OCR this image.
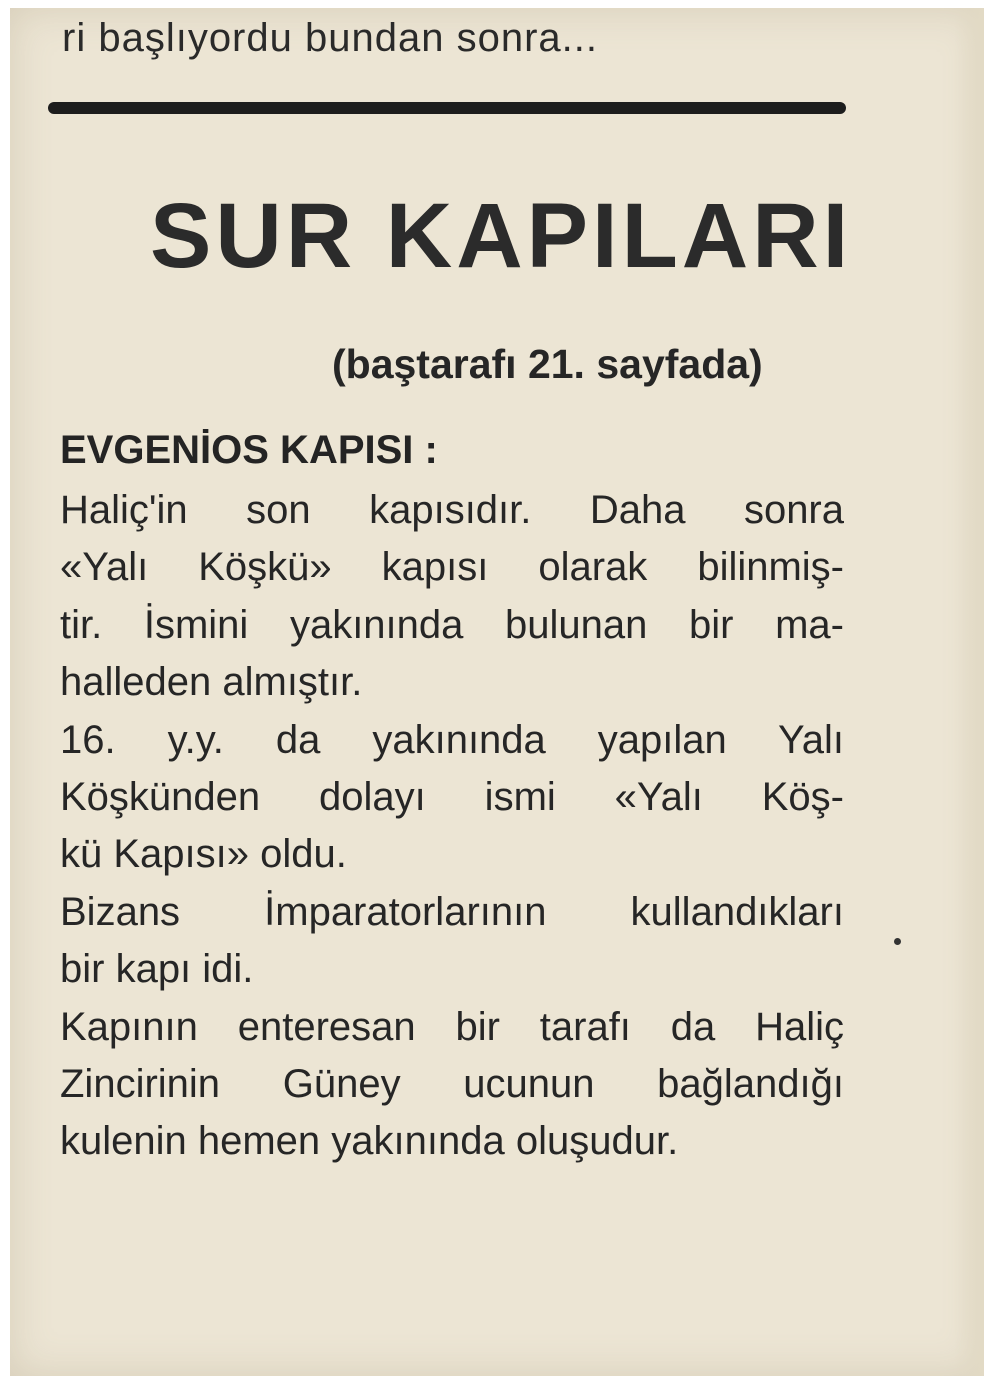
ri başlıyordu bundan sonra...

SUR KAPILARI

(baştarafı 21. sayfada)

EVGENİOS KAPISI :

Haliç'in son kapısıdır. Daha sonra

«Yalı Köşkü» kapısı olarak bilinmiş-

tir. İsmini yakınında bulunan bir ma-

halleden almıştır.

16. y.y. da yakınında yapılan Yalı

Köşkünden dolayı ismi «Yalı Köş-

kü Kapısı» oldu.

Bizans İmparatorlarının kullandıkları

bir kapı idi.

Kapının enteresan bir tarafı da Haliç

Zincirinin Güney ucunun bağlandığı

kulenin hemen yakınında oluşudur.
